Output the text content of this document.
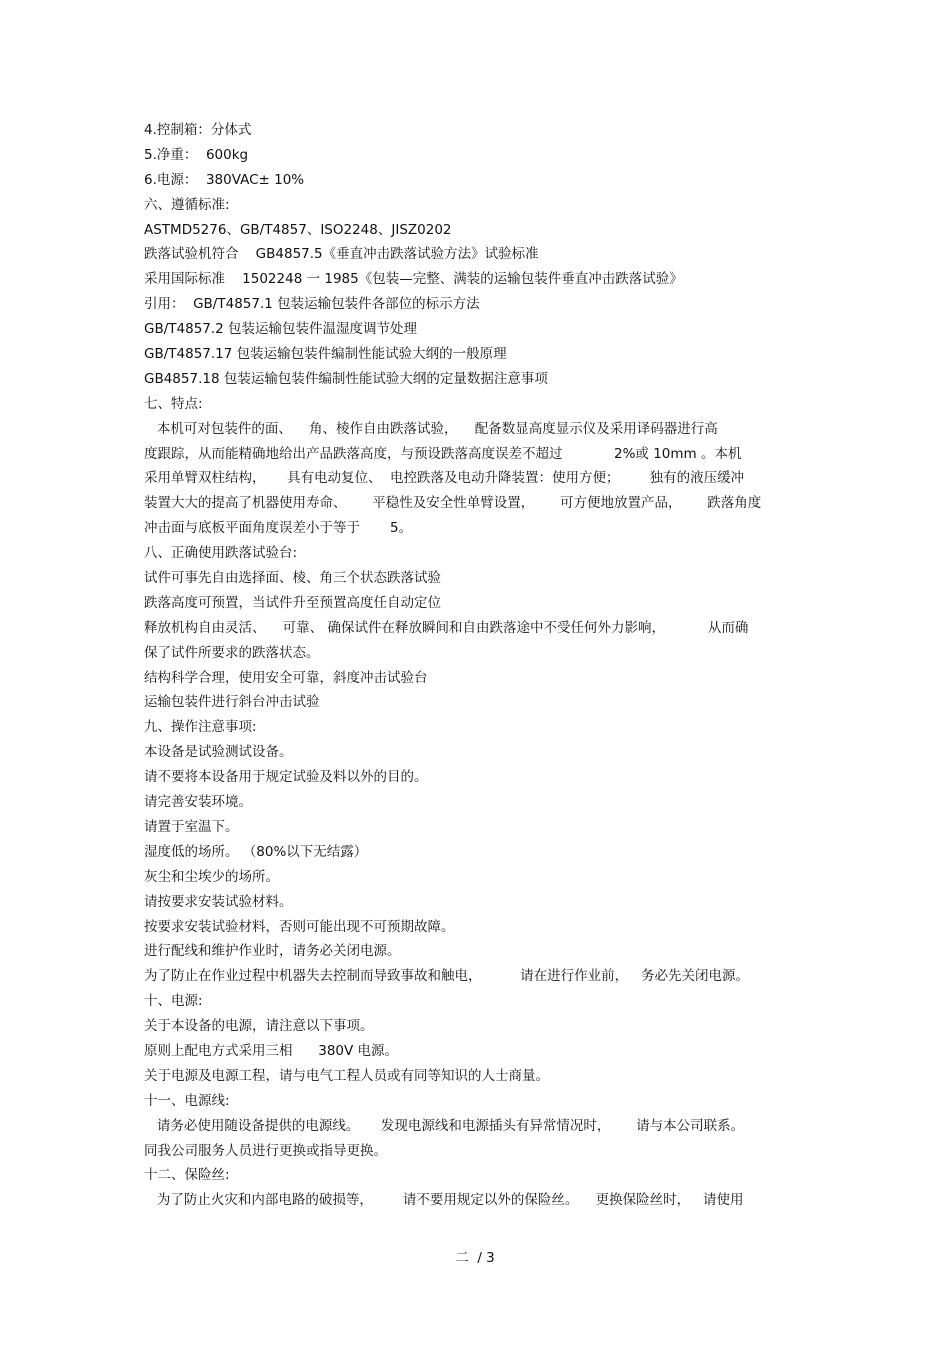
4.控制箱：分体式
5.净重：  600kg
6.电源：  380VAC± 10%
六、遵循标准:
ASTMD5276、GB/T4857、ISO2248、JISZ0202
跌落试验机符合    GB4857.5《垂直冲击跌落试验方法》试验标准
采用国际标准    1502248 一 1985《包装—完整、满装的运输包装件垂直冲击跌落试验》
引用：  GB/T4857.1 包装运输包装件各部位的标示方法
GB/T4857.2 包装运输包装件温湿度调节处理
GB/T4857.17 包装运输包装件编制性能试验大纲的一般原理
GB4857.18 包装运输包装件编制性能试验大纲的定量数据注意事项
七、特点:
本机可对包装件的面、    角、棱作自由跌落试验，    配备数显高度显示仪及采用译码器进行高
度跟踪，从而能精确地给出产品跌落高度，与预设跌落高度误差不超过            2%或 10mm 。本机
采用单臂双柱结构，     具有电动复位、  电控跌落及电动升降装置：使用方便；       独有的液压缓冲
装置大大的提高了机器使用寿命、      平稳性及安全性单臂设置，      可方便地放置产品，      跌落角度
冲击面与底板平面角度误差小于等于       5。
八、正确使用跌落试验台:
试件可事先自由选择面、棱、角三个状态跌落试验
跌落高度可预置，当试件升至预置高度任自动定位
释放机构自由灵活、    可靠、 确保试件在释放瞬间和自由跌落途中不受任何外力影响，          从而确
保了试件所要求的跌落状态。
结构科学合理，使用安全可靠，斜度冲击试验台
运输包装件进行斜台冲击试验
九、操作注意事项:
本设备是试验测试设备。
请不要将本设备用于规定试验及料以外的目的。
请完善安装环境。
请置于室温下。
湿度低的场所。 （80%以下无结露）
灰尘和尘埃少的场所。
请按要求安装试验材料。
按要求安装试验材料，否则可能出现不可预期故障。
进行配线和维护作业时，请务必关闭电源。
为了防止在作业过程中机器失去控制而导致事故和触电，         请在进行作业前，   务必先关闭电源。
十、电源:
关于本设备的电源，请注意以下事项。
原则上配电方式采用三相      380V 电源。
关于电源及电源工程，请与电气工程人员或有同等知识的人士商量。
十一、电源线:
请务必使用随设备提供的电源线。     发现电源线和电源插头有异常情况时，      请与本公司联系。
同我公司服务人员进行更换或指导更换。
十二、保险丝:
为了防止火灾和内部电路的破损等，       请不要用规定以外的保险丝。    更换保险丝时，   请使用
二  / 3
